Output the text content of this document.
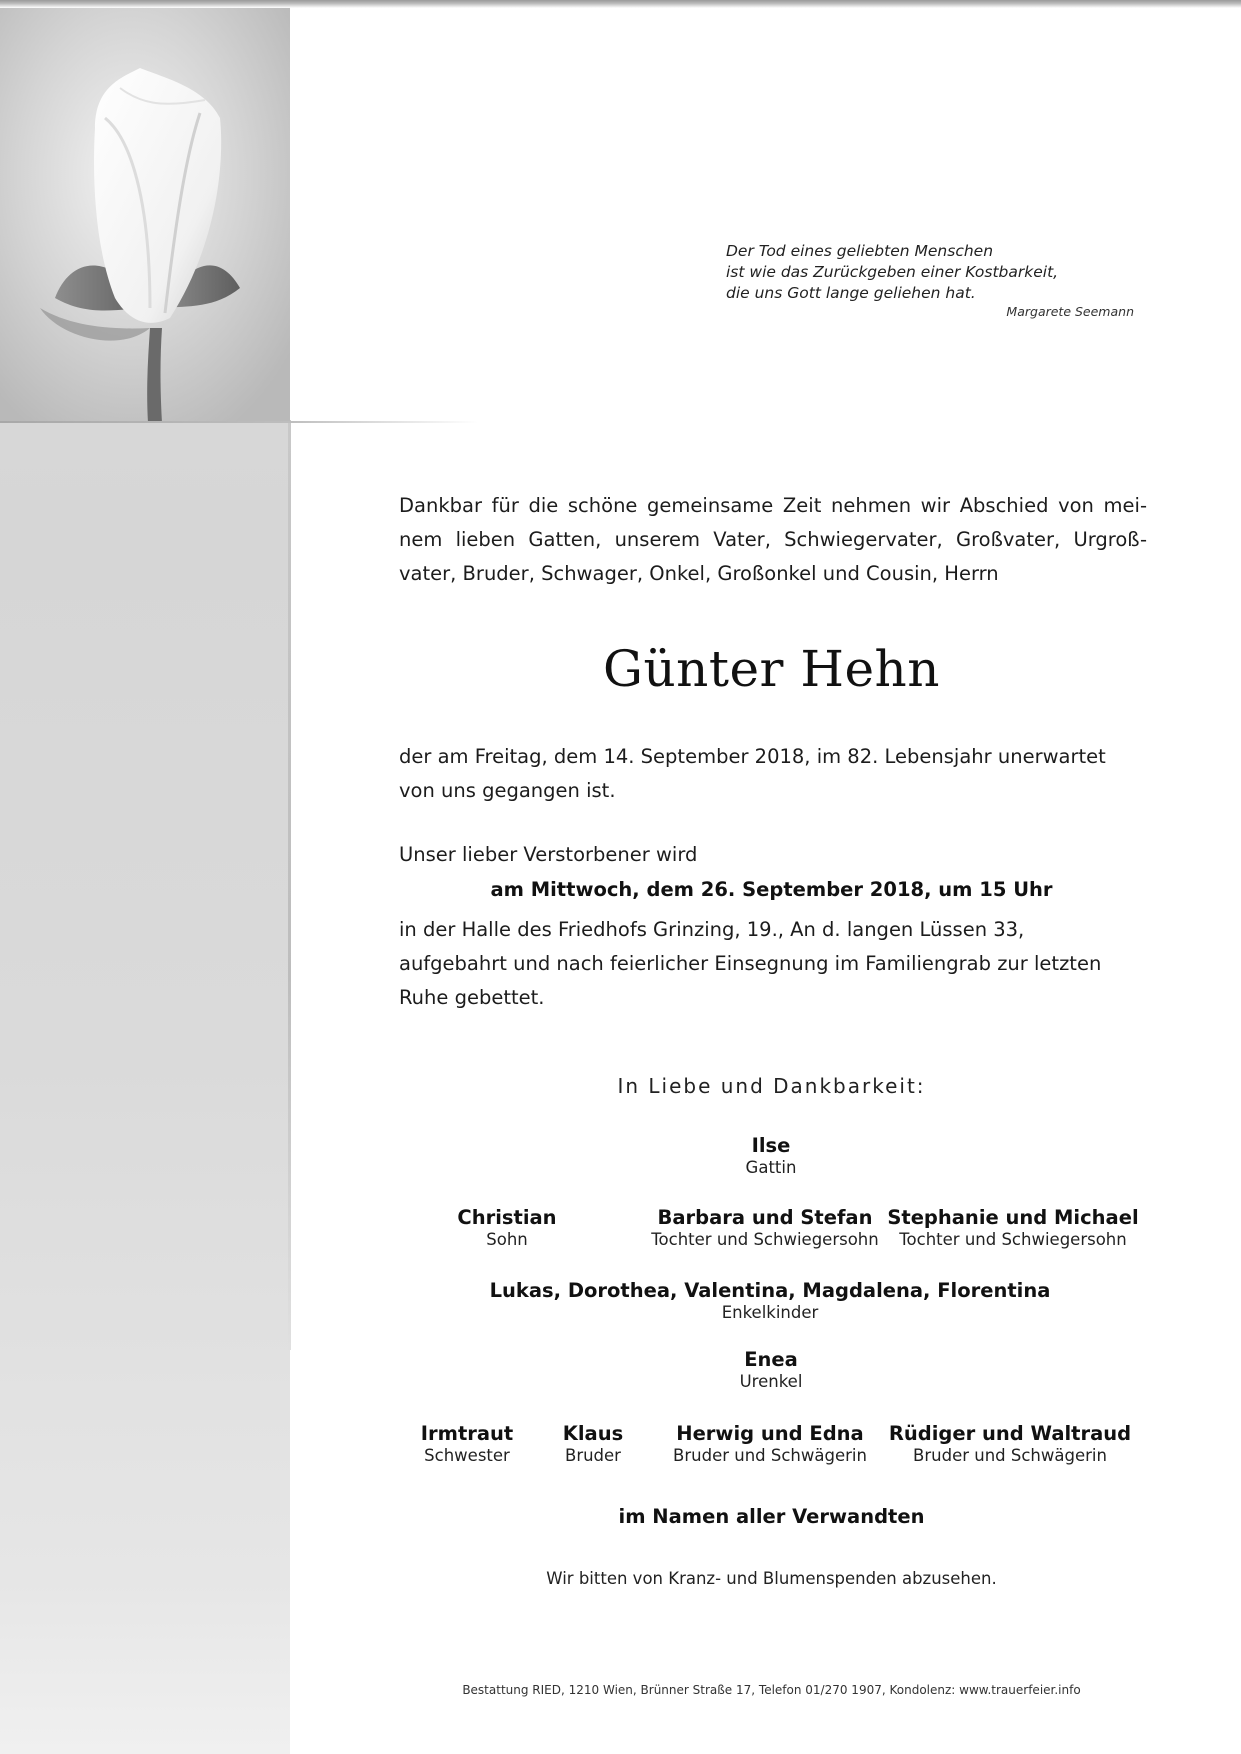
Der Tod eines geliebten Menschen
ist wie das Zurückgeben einer Kostbarkeit,
die uns Gott lange geliehen hat.
Margarete Seemann
Dankbar für die schöne gemeinsame Zeit nehmen wir Abschied von mei-
nem lieben Gatten, unserem Vater, Schwiegervater, Großvater, Urgroß-
vater, Bruder, Schwager, Onkel, Großonkel und Cousin, Herrn
Günter Hehn
der am Freitag, dem 14. September 2018, im 82. Lebensjahr unerwartet
von uns gegangen ist.
Unser lieber Verstorbener wird
am Mittwoch, dem 26. September 2018, um 15 Uhr
in der Halle des Friedhofs Grinzing, 19., An d. langen Lüssen 33,
aufgebahrt und nach feierlicher Einsegnung im Familiengrab zur letzten
Ruhe gebettet.
In Liebe und Dankbarkeit:
Ilse
Gattin
Christian
Sohn
Barbara und Stefan
Tochter und Schwiegersohn
Stephanie und Michael
Tochter und Schwiegersohn
Lukas, Dorothea, Valentina, Magdalena, Florentina
Enkelkinder
Enea
Urenkel
Irmtraut
Schwester
Klaus
Bruder
Herwig und Edna
Bruder und Schwägerin
Rüdiger und Waltraud
Bruder und Schwägerin
im Namen aller Verwandten
Wir bitten von Kranz- und Blumenspenden abzusehen.
Bestattung RIED, 1210 Wien, Brünner Straße 17, Telefon 01/270 1907, Kondolenz: www.trauerfeier.info
